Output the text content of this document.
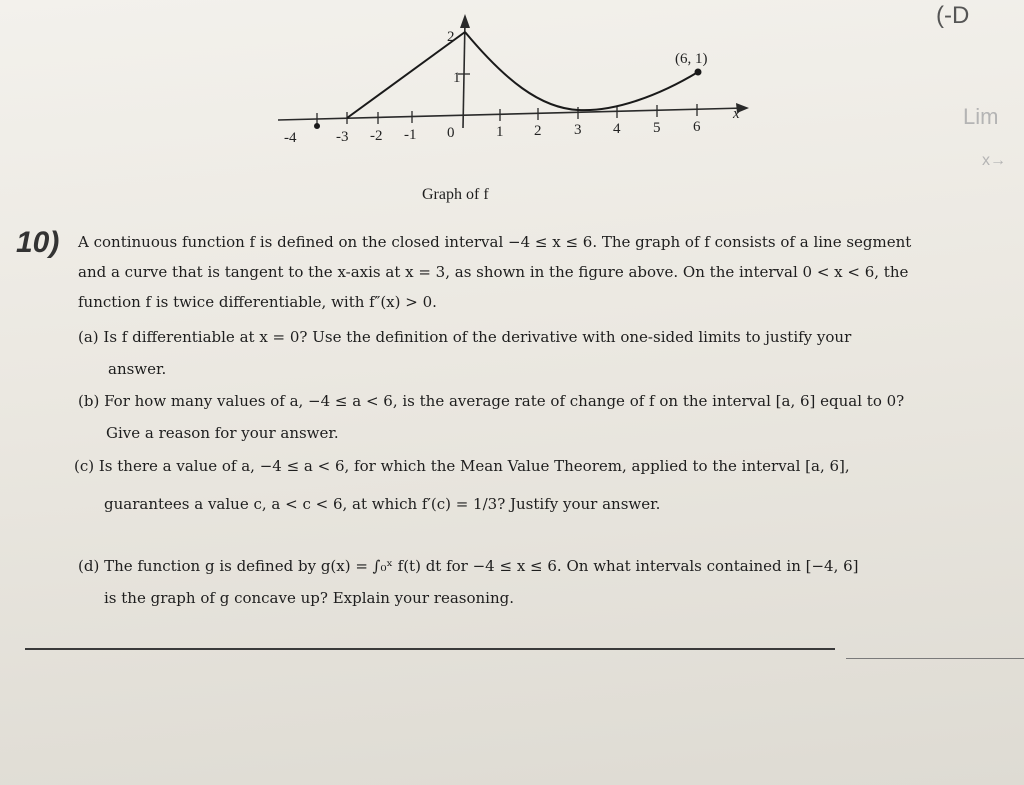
x
2
1
-4	-3 -2 -1 0	1 2 3 4 5 6
(6, 1)
Graph of f
(-D
Lim
x→
10) A continuous function f is defined on the closed interval −4 ≤ x ≤ 6. The graph of f consists of a line segment
and a curve that is tangent to the x-axis at x = 3, as shown in the figure above. On the interval 0 < x < 6, the
function f is twice differentiable, with f″(x) > 0.
(a) Is f differentiable at x = 0? Use the definition of the derivative with one-sided limits to justify your
answer.
(b) For how many values of a, −4 ≤ a < 6, is the average rate of change of f on the interval [a, 6] equal to 0?
Give a reason for your answer.
(c) Is there a value of a, −4 ≤ a < 6, for which the Mean Value Theorem, applied to the interval [a, 6],
guarantees a value c, a < c < 6, at which f′(c) = 1/3? Justify your answer.
(d) The function g is defined by g(x) = ∫₀ˣ f(t) dt for −4 ≤ x ≤ 6. On what intervals contained in [−4, 6]
is the graph of g concave up? Explain your reasoning.
